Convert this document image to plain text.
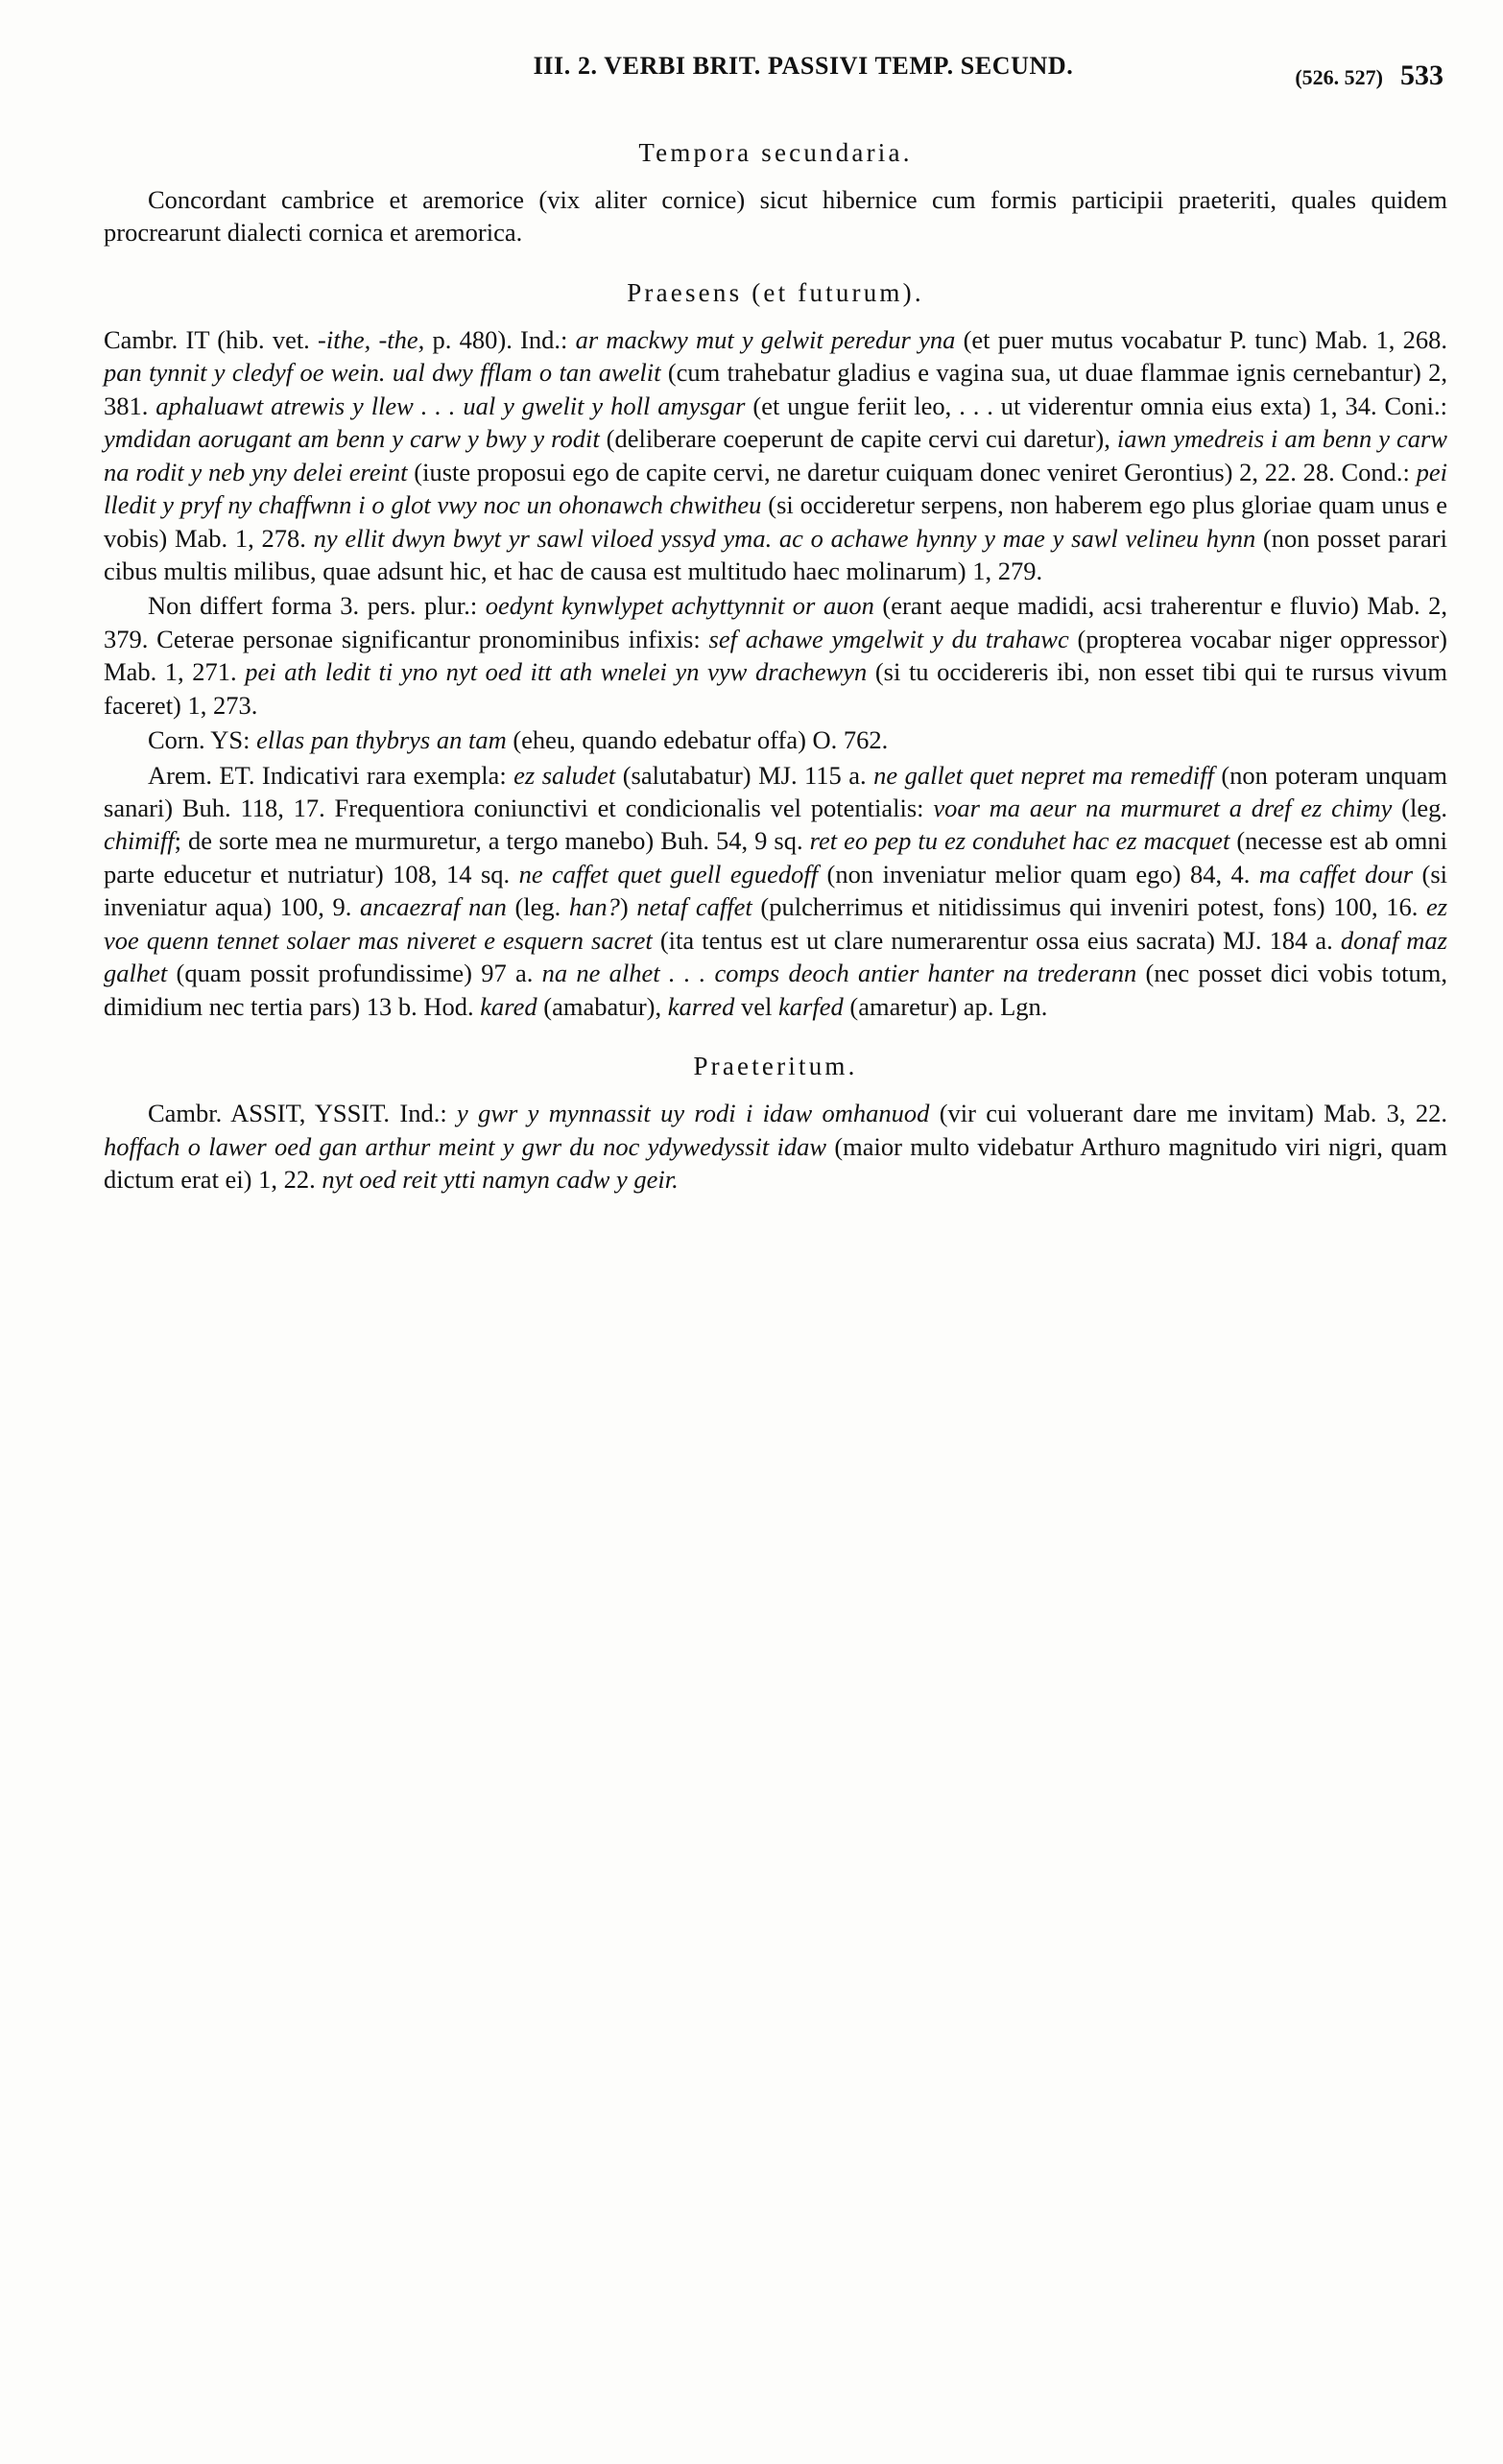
III. 2. VERBI BRIT. PASSIVI TEMP. SECUND.	(526. 527) 533
Tempora secundaria.

Concordant cambrice et aremorice (vix aliter cornice) sicut hibernice cum formis participii praeteriti, quales quidem procrearunt dialecti cornica et aremorica.

Praesens (et futurum).

Cambr. IT (hib. vet. -ithe, -the, p. 480). Ind.: ar mackwy mut y gelwit peredur yna (et puer mutus vocabatur P. tunc) Mab. 1, 268. pan tynnit y cledyf oe wein. ual dwy fflam o tan awelit (cum trahebatur gladius e vagina sua, ut duae flammae ignis cernebantur) 2, 381. aphaluawt atrewis y llew . . . ual y gwelit y holl amysgar (et ungue feriit leo, . . . ut viderentur omnia eius exta) 1, 34. Coni.: ymdidan aorugant am benn y carw y bwy y rodit (deliberare coeperunt de capite cervi cui daretur), iawn ymedreis i am benn y carw na rodit y neb yny delei ereint (iuste proposui ego de capite cervi, ne daretur cuiquam donec veniret Gerontius) 2, 22. 28. Cond.: pei lledit y pryf ny chaffwnn i o glot vwy noc un ohonawch chwitheu (si occideretur serpens, non haberem ego plus gloriae quam unus e vobis) Mab. 1, 278. ny ellit dwyn bwyt yr sawl viloed yssyd yma. ac o achawe hynny y mae y sawl velineu hynn (non posset parari cibus multis milibus, quae adsunt hic, et hac de causa est multitudo haec molinarum) 1, 279.

Non differt forma 3. pers. plur.: oedynt kynwlypet achyttynnit or auon (erant aeque madidi, acsi traherentur e fluvio) Mab. 2, 379. Ceterae personae significantur pronominibus infixis: sef achawe ymgelwit y du trahawc (propterea vocabar niger oppressor) Mab. 1, 271. pei ath ledit ti yno nyt oed itt ath wnelei yn vyw drachewyn (si tu occidereris ibi, non esset tibi qui te rursus vivum faceret) 1, 273.

Corn. YS: ellas pan thybrys an tam (eheu, quando edebatur offa) O. 762.

Arem. ET. Indicativi rara exempla: ez saludet (salutabatur) MJ. 115 a. ne gallet quet nepret ma remediff (non poteram unquam sanari) Buh. 118, 17. Frequentiora coniunctivi et condicionalis vel potentialis: voar ma aeur na murmuret a dref ez chimy (leg. chimiff; de sorte mea ne murmuretur, a tergo manebo) Buh. 54, 9 sq. ret eo pep tu ez conduhet hac ez macquet (necesse est ab omni parte educetur et nutriatur) 108, 14 sq. ne caffet quet guell eguedoff (non inveniatur melior quam ego) 84, 4. ma caffet dour (si inveniatur aqua) 100, 9. ancaezraf nan (leg. han?) netaf caffet (pulcherrimus et nitidissimus qui inveniri potest, fons) 100, 16. ez voe quenn tennet solaer mas niveret e esquern sacret (ita tentus est ut clare numerarentur ossa eius sacrata) MJ. 184 a. donaf maz galhet (quam possit profundissime) 97 a. na ne alhet . . . comps deoch antier hanter na trederann (nec posset dici vobis totum, dimidium nec tertia pars) 13 b. Hod. kared (amabatur), karred vel karfed (amaretur) ap. Lgn.

Praeteritum.

Cambr. ASSIT, YSSIT. Ind.: y gwr y mynnassit uy rodi i idaw omhanuod (vir cui voluerant dare me invitam) Mab. 3, 22. hoffach o lawer oed gan arthur meint y gwr du noc ydywedyssit idaw (maior multo videbatur Arthuro magnitudo viri nigri, quam dictum erat ei) 1, 22. nyt oed reit ytti namyn cadw y geir.
